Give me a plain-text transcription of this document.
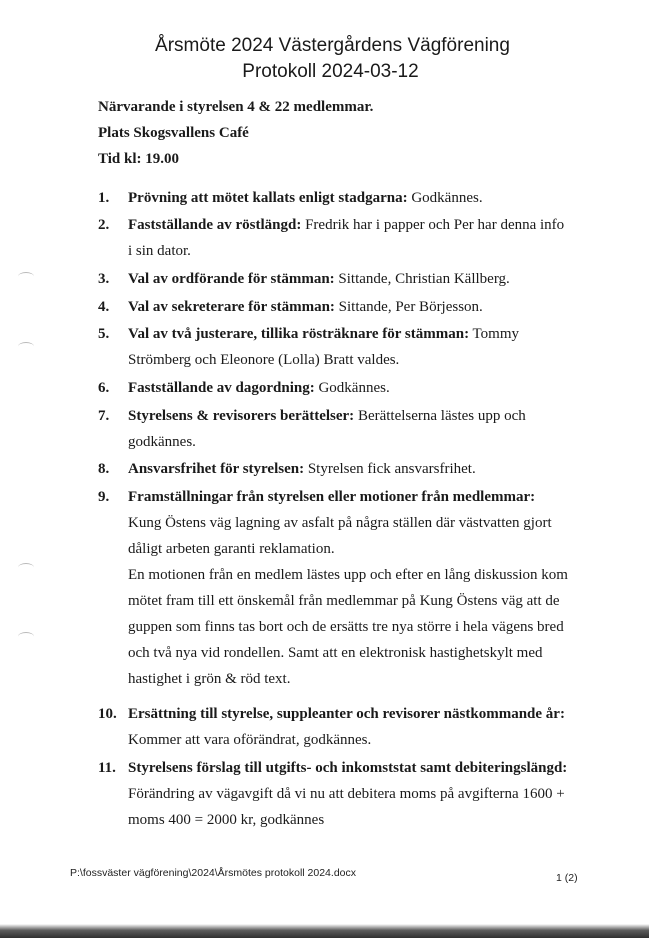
Årsmöte 2024 Västergårdens Vägförening
Protokoll 2024-03-12
Närvarande i styrelsen 4 & 22 medlemmar.
Plats Skogsvallens Café
Tid kl: 19.00
1. Prövning att mötet kallats enligt stadgarna: Godkännes.
2. Fastställande av röstlängd: Fredrik har i papper och Per har denna info i sin dator.
3. Val av ordförande för stämman: Sittande, Christian Källberg.
4. Val av sekreterare för stämman: Sittande, Per Börjesson.
5. Val av två justerare, tillika rösträknare för stämman: Tommy Strömberg och Eleonore (Lolla) Bratt valdes.
6. Fastställande av dagordning: Godkännes.
7. Styrelsens & revisorers berättelser: Berättelserna lästes upp och godkännes.
8. Ansvarsfrihet för styrelsen: Styrelsen fick ansvarsfrihet.
9. Framställningar från styrelsen eller motioner från medlemmar:
Kung Östens väg lagning av asfalt på några ställen där västvatten gjort dåligt arbeten garanti reklamation.
En motionen från en medlem lästes upp och efter en lång diskussion kom mötet fram till ett önskemål från medlemmar på Kung Östens väg att de guppen som finns tas bort och de ersätts tre nya större i hela vägens bred och två nya vid rondellen. Samt att en elektronisk hastighetskylt med hastighet i grön & röd text.
10. Ersättning till styrelse, suppleanter och revisorer nästkommande år: Kommer att vara oförändrat, godkännes.
11. Styrelsens förslag till utgifts- och inkomststat samt debiteringslängd: Förändring av vägavgift då vi nu att debitera moms på avgifterna 1600 + moms 400 = 2000 kr, godkännes
P:\fossväster vägförening\2024\Årsmötes protokoll 2024.docx	1 (2)
